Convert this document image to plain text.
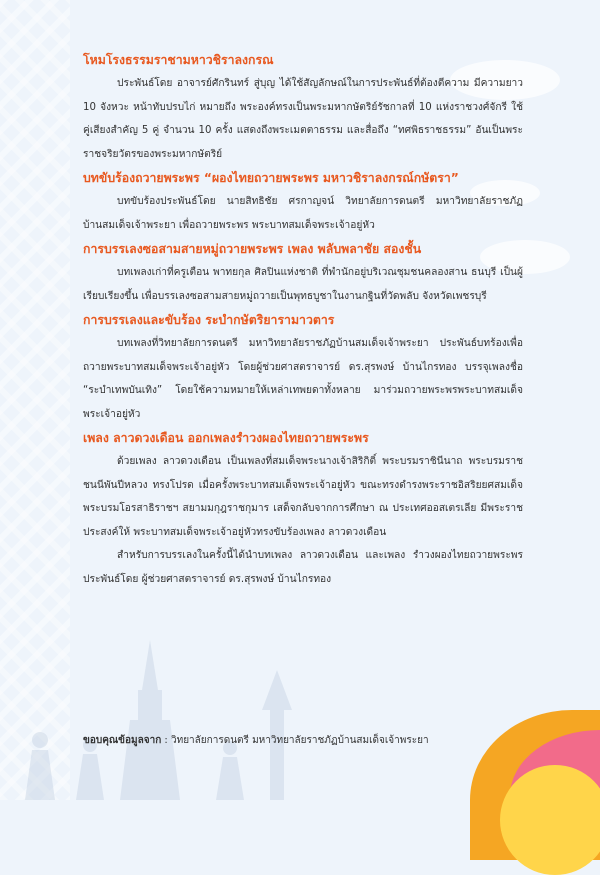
โหมโรงธรรมราชามหาวชิราลงกรณ

ประพันธ์โดย อาจารย์ศักรินทร์ สู่บุญ ได้ใช้สัญลักษณ์ในการประพันธ์ที่ต้องตีความ มีความยาว 10 จังหวะ หน้าทับปรบไก่ หมายถึง พระองค์ทรงเป็นพระมหากษัตริย์รัชกาลที่ 10 แห่งราชวงศ์จักรี ใช้คู่เสียงสำคัญ 5 คู่ จำนวน 10 ครั้ง แสดงถึงพระเมตตาธรรม และสื่อถึง “ทศพิธราชธรรม” อันเป็นพระราชจริยวัตรของพระมหากษัตริย์

บทขับร้องถวายพระพร “ผองไทยถวายพระพร มหาวชิราลงกรณ์กษัตรา”

บทขับร้องประพันธ์โดย นายสิทธิชัย ศรกาญจน์ วิทยาลัยการดนตรี มหาวิทยาลัยราชภัฏบ้านสมเด็จเจ้าพระยา เพื่อถวายพระพร พระบาทสมเด็จพระเจ้าอยู่หัว

การบรรเลงซอสามสายหมู่ถวายพระพร เพลง พลับพลาชัย สองชั้น

บทเพลงเก่าที่ครูเตือน พาทยกุล ศิลปินแห่งชาติ ที่พำนักอยู่บริเวณชุมชนคลองสาน ธนบุรี เป็นผู้เรียบเรียงขึ้น เพื่อบรรเลงซอสามสายหมู่ถวายเป็นพุทธบูชาในงานกฐินที่วัดพลับ จังหวัดเพชรบุรี

การบรรเลงและขับร้อง ระบำกษัตริยารามาวตาร

บทเพลงที่วิทยาลัยการดนตรี มหาวิทยาลัยราชภัฏบ้านสมเด็จเจ้าพระยา ประพันธ์บทร้องเพื่อถวายพระบาทสมเด็จพระเจ้าอยู่หัว โดยผู้ช่วยศาสตราจารย์ ดร.สุรพงษ์ บ้านไกรทอง บรรจุเพลงชื่อ “ระบำเทพบันเทิง” โดยใช้ความหมายให้เหล่าเทพยดาทั้งหลาย มาร่วมถวายพระพรพระบาทสมเด็จพระเจ้าอยู่หัว

เพลง ลาวดวงเดือน ออกเพลงรำวงผองไทยถวายพระพร

ด้วยเพลง ลาวดวงเดือน เป็นเพลงที่สมเด็จพระนางเจ้าสิริกิติ์ พระบรมราชินีนาถ พระบรมราชชนนีพันปีหลวง ทรงโปรด เมื่อครั้งพระบาทสมเด็จพระเจ้าอยู่หัว ขณะทรงดำรงพระราชอิสริยยศสมเด็จพระบรมโอรสาธิราชฯ สยามมกุฎราชกุมาร เสด็จกลับจากการศึกษา ณ ประเทศออสเตรเลีย มีพระราชประสงค์ให้ พระบาทสมเด็จพระเจ้าอยู่หัวทรงขับร้องเพลง ลาวดวงเดือน

สำหรับการบรรเลงในครั้งนี้ได้นำบทเพลง ลาวดวงเดือน และเพลง รำวงผองไทยถวายพระพร ประพันธ์โดย ผู้ช่วยศาสตราจารย์ ดร.สุรพงษ์ บ้านไกรทอง

ขอบคุณข้อมูลจาก : วิทยาลัยการดนตรี มหาวิทยาลัยราชภัฏบ้านสมเด็จเจ้าพระยา
